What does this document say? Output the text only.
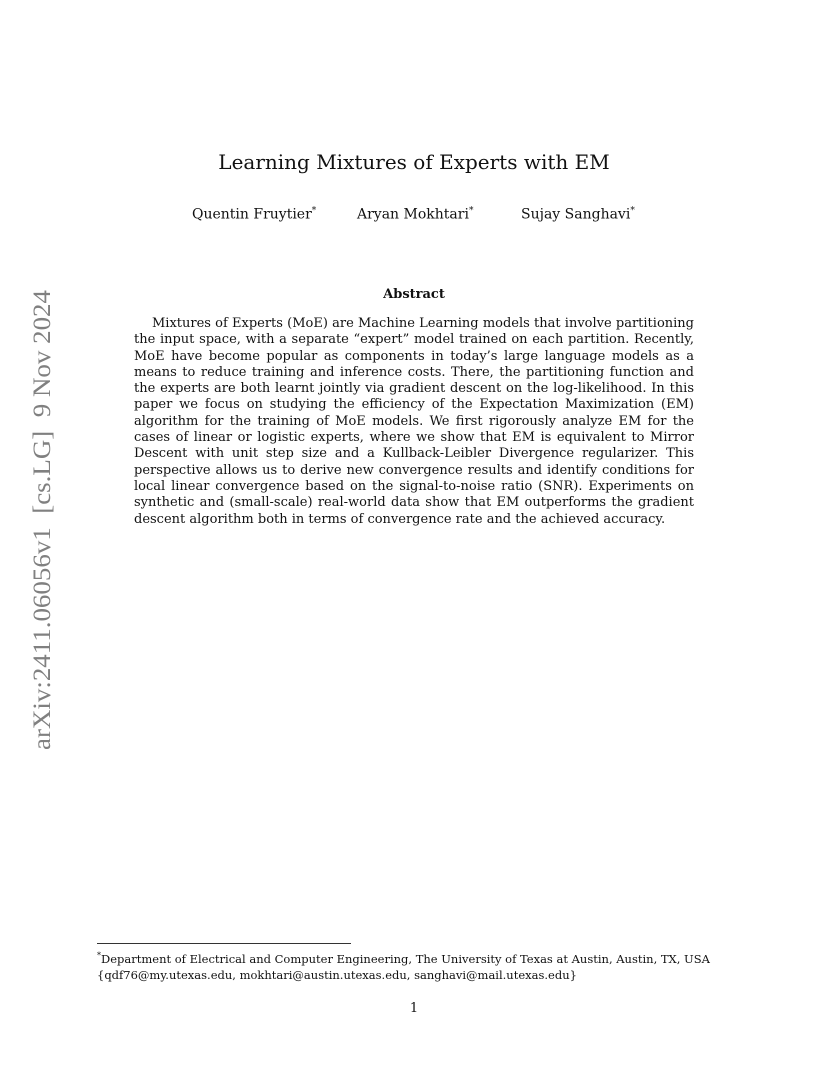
arXiv:2411.06056v1  [cs.LG]  9 Nov 2024
Learning Mixtures of Experts with EM
Quentin Fruytier*	Aryan Mokhtari*	Sujay Sanghavi*
Abstract

Mixtures of Experts (MoE) are Machine Learning models that involve partitioning the input space, with a separate “expert” model trained on each partition. Recently, MoE have become popular as components in today’s large language models as a means to reduce training and inference costs. There, the partitioning function and the experts are both learnt jointly via gradient descent on the log-likelihood. In this paper we focus on studying the efficiency of the Expectation Maximization (EM) algorithm for the training of MoE models. We first rigorously analyze EM for the cases of linear or logistic experts, where we show that EM is equivalent to Mirror Descent with unit step size and a Kullback-Leibler Divergence regularizer. This perspective allows us to derive new convergence results and identify conditions for local linear convergence based on the signal-to-noise ratio (SNR). Experiments on synthetic and (small-scale) real-world data show that EM outperforms the gradient descent algorithm both in terms of convergence rate and the achieved accuracy.

*Department of Electrical and Computer Engineering, The University of Texas at Austin, Austin, TX, USA

{qdf76@my.utexas.edu, mokhtari@austin.utexas.edu, sanghavi@mail.utexas.edu}

1
